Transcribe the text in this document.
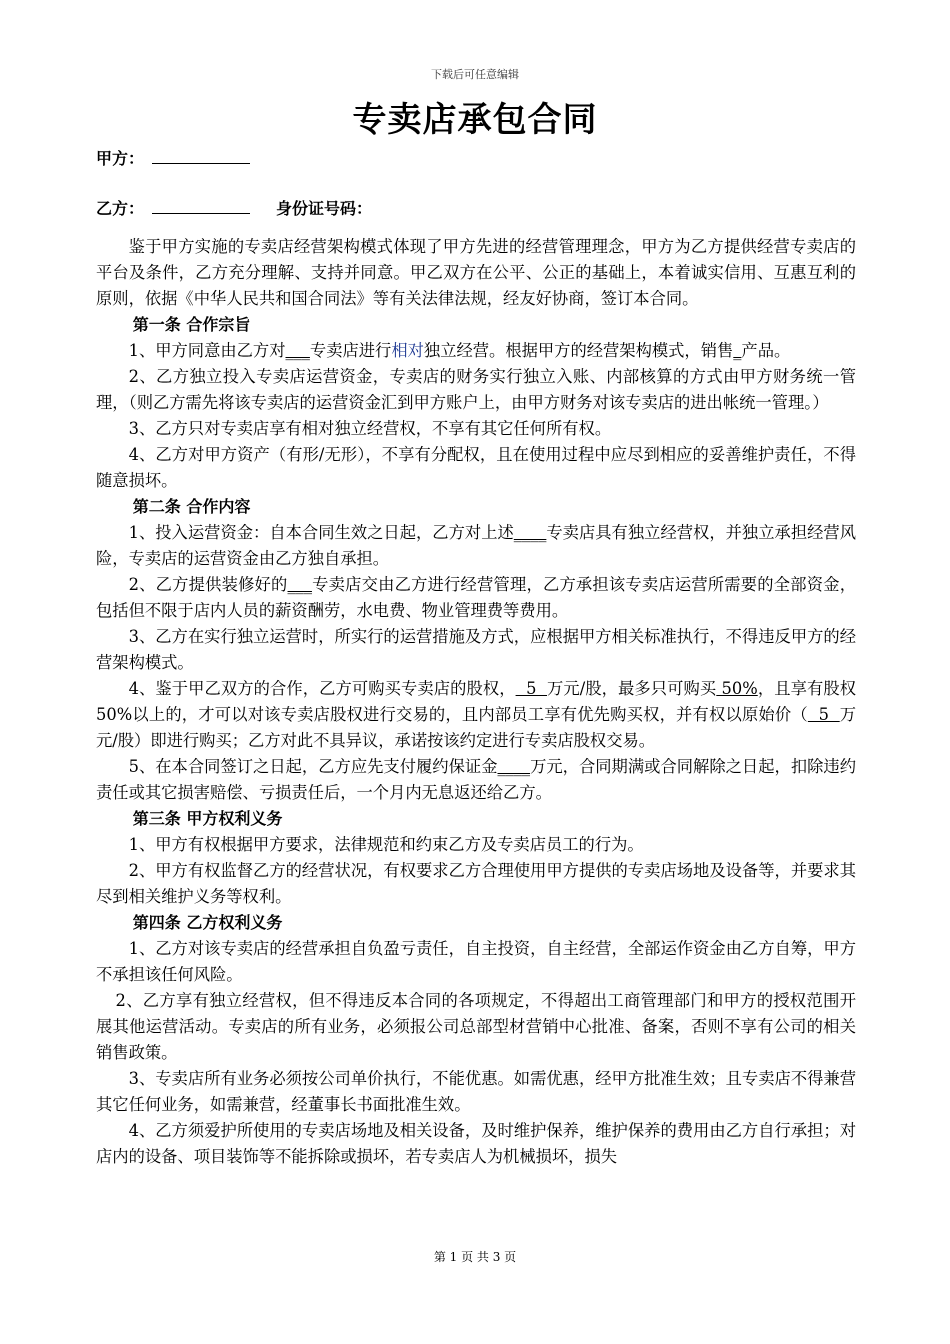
下载后可任意编辑
专卖店承包合同
甲方：
乙方：	身份证号码：

鉴于甲方实施的专卖店经营架构模式体现了甲方先进的经营管理理念，甲方为乙方提供经营专卖店的平台及条件，乙方充分理解、支持并同意。甲乙双方在公平、公正的基础上，本着诚实信用、互惠互利的原则，依据《中华人民共和国合同法》等有关法律法规，经友好协商，签订本合同。

第一条 合作宗旨

1、甲方同意由乙方对___专卖店进行相对独立经营。根据甲方的经营架构模式，销售_产品。

2、乙方独立投入专卖店运营资金，专卖店的财务实行独立入账、内部核算的方式由甲方财务统一管理，（则乙方需先将该专卖店的运营资金汇到甲方账户上，由甲方财务对该专卖店的进出帐统一管理。）

3、乙方只对专卖店享有相对独立经营权，不享有其它任何所有权。

4、乙方对甲方资产（有形/无形），不享有分配权，且在使用过程中应尽到相应的妥善维护责任，不得随意损坏。

第二条 合作内容

1、投入运营资金：自本合同生效之日起，乙方对上述____专卖店具有独立经营权，并独立承担经营风险，专卖店的运营资金由乙方独自承担。

2、乙方提供装修好的___专卖店交由乙方进行经营管理，乙方承担该专卖店运营所需要的全部资金，包括但不限于店内人员的薪资酬劳，水电费、物业管理费等费用。

3、乙方在实行独立运营时，所实行的运营措施及方式，应根据甲方相关标准执行，不得违反甲方的经营架构模式。

4、鉴于甲乙双方的合作，乙方可购买专卖店的股权，  5  万元/股，最多只可购买 50%，且享有股权 50%以上的，才可以对该专卖店股权进行交易的，且内部员工享有优先购买权，并有权以原始价（  5  万元/股）即进行购买；乙方对此不具异议，承诺按该约定进行专卖店股权交易。

5、在本合同签订之日起，乙方应先支付履约保证金____万元，合同期满或合同解除之日起，扣除违约责任或其它损害赔偿、亏损责任后，一个月内无息返还给乙方。

第三条 甲方权利义务

1、甲方有权根据甲方要求，法律规范和约束乙方及专卖店员工的行为。

2、甲方有权监督乙方的经营状况，有权要求乙方合理使用甲方提供的专卖店场地及设备等，并要求其尽到相关维护义务等权利。

第四条 乙方权利义务

1、乙方对该专卖店的经营承担自负盈亏责任，自主投资，自主经营，全部运作资金由乙方自筹，甲方不承担该任何风险。

2、乙方享有独立经营权，但不得违反本合同的各项规定，不得超出工商管理部门和甲方的授权范围开展其他运营活动。专卖店的所有业务，必须报公司总部型材营销中心批准、备案，否则不享有公司的相关销售政策。

3、专卖店所有业务必须按公司单价执行，不能优惠。如需优惠，经甲方批准生效；且专卖店不得兼营其它任何业务，如需兼营，经董事长书面批准生效。

4、乙方须爱护所使用的专卖店场地及相关设备，及时维护保养，维护保养的费用由乙方自行承担；对店内的设备、项目装饰等不能拆除或损坏，若专卖店人为机械损坏，损失

第 1 页 共 3 页
